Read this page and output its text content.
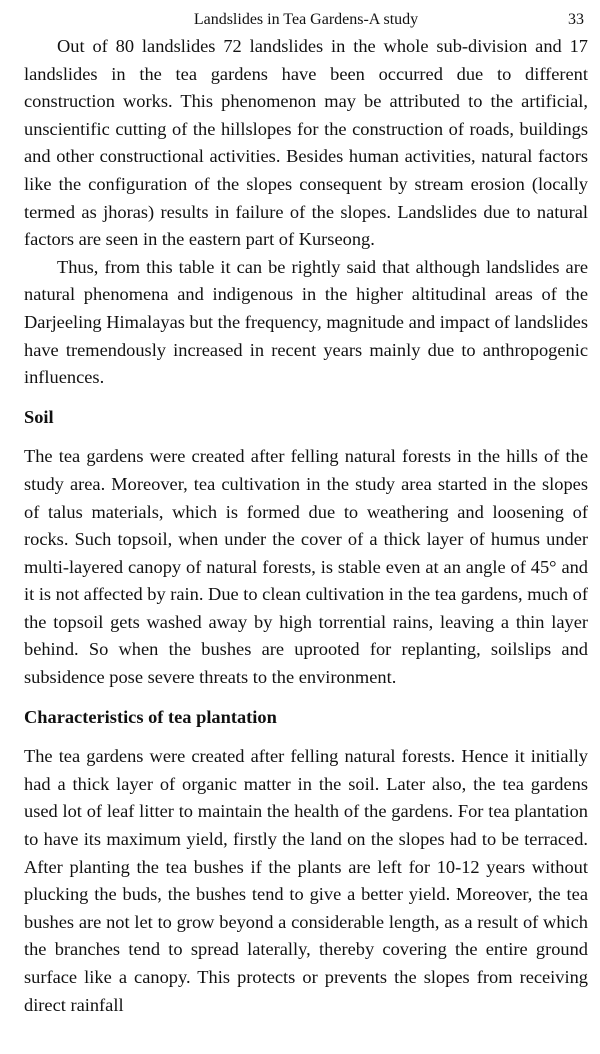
Landslides in Tea Gardens-A study	33

Out of 80 landslides 72 landslides in the whole sub-division and 17 landslides in the tea gardens have been occurred due to different construction works. This phenomenon may be attributed to the artificial, unscientific cutting of the hillslopes for the construction of roads, buildings and other constructional activities. Besides human activities, natural factors like the configuration of the slopes consequent by stream erosion (locally termed as jhoras) results in failure of the slopes. Landslides due to natural factors are seen in the eastern part of Kurseong.

Thus, from this table it can be rightly said that although landslides are natural phenomena and indigenous in the higher altitudinal areas of the Darjeeling Himalayas but the frequency, magnitude and impact of landslides have tremendously increased in recent years mainly due to anthropogenic influences.

Soil

The tea gardens were created after felling natural forests in the hills of the study area. Moreover, tea cultivation in the study area started in the slopes of talus materials, which is formed due to weathering and loosening of rocks. Such topsoil, when under the cover of a thick layer of humus under multi-layered canopy of natural forests, is stable even at an angle of 45° and it is not affected by rain. Due to clean cultivation in the tea gardens, much of the topsoil gets washed away by high torrential rains, leaving a thin layer behind. So when the bushes are uprooted for replanting, soilslips and subsidence pose severe threats to the environment.

Characteristics of tea plantation

The tea gardens were created after felling natural forests. Hence it initially had a thick layer of organic matter in the soil. Later also, the tea gardens used lot of leaf litter to maintain the health of the gardens. For tea plantation to have its maximum yield, firstly the land on the slopes had to be terraced. After planting the tea bushes if the plants are left for 10-12 years without plucking the buds, the bushes tend to give a better yield. Moreover, the tea bushes are not let to grow beyond a considerable length, as a result of which the branches tend to spread laterally, thereby covering the entire ground surface like a canopy. This protects or prevents the slopes from receiving direct rainfall
